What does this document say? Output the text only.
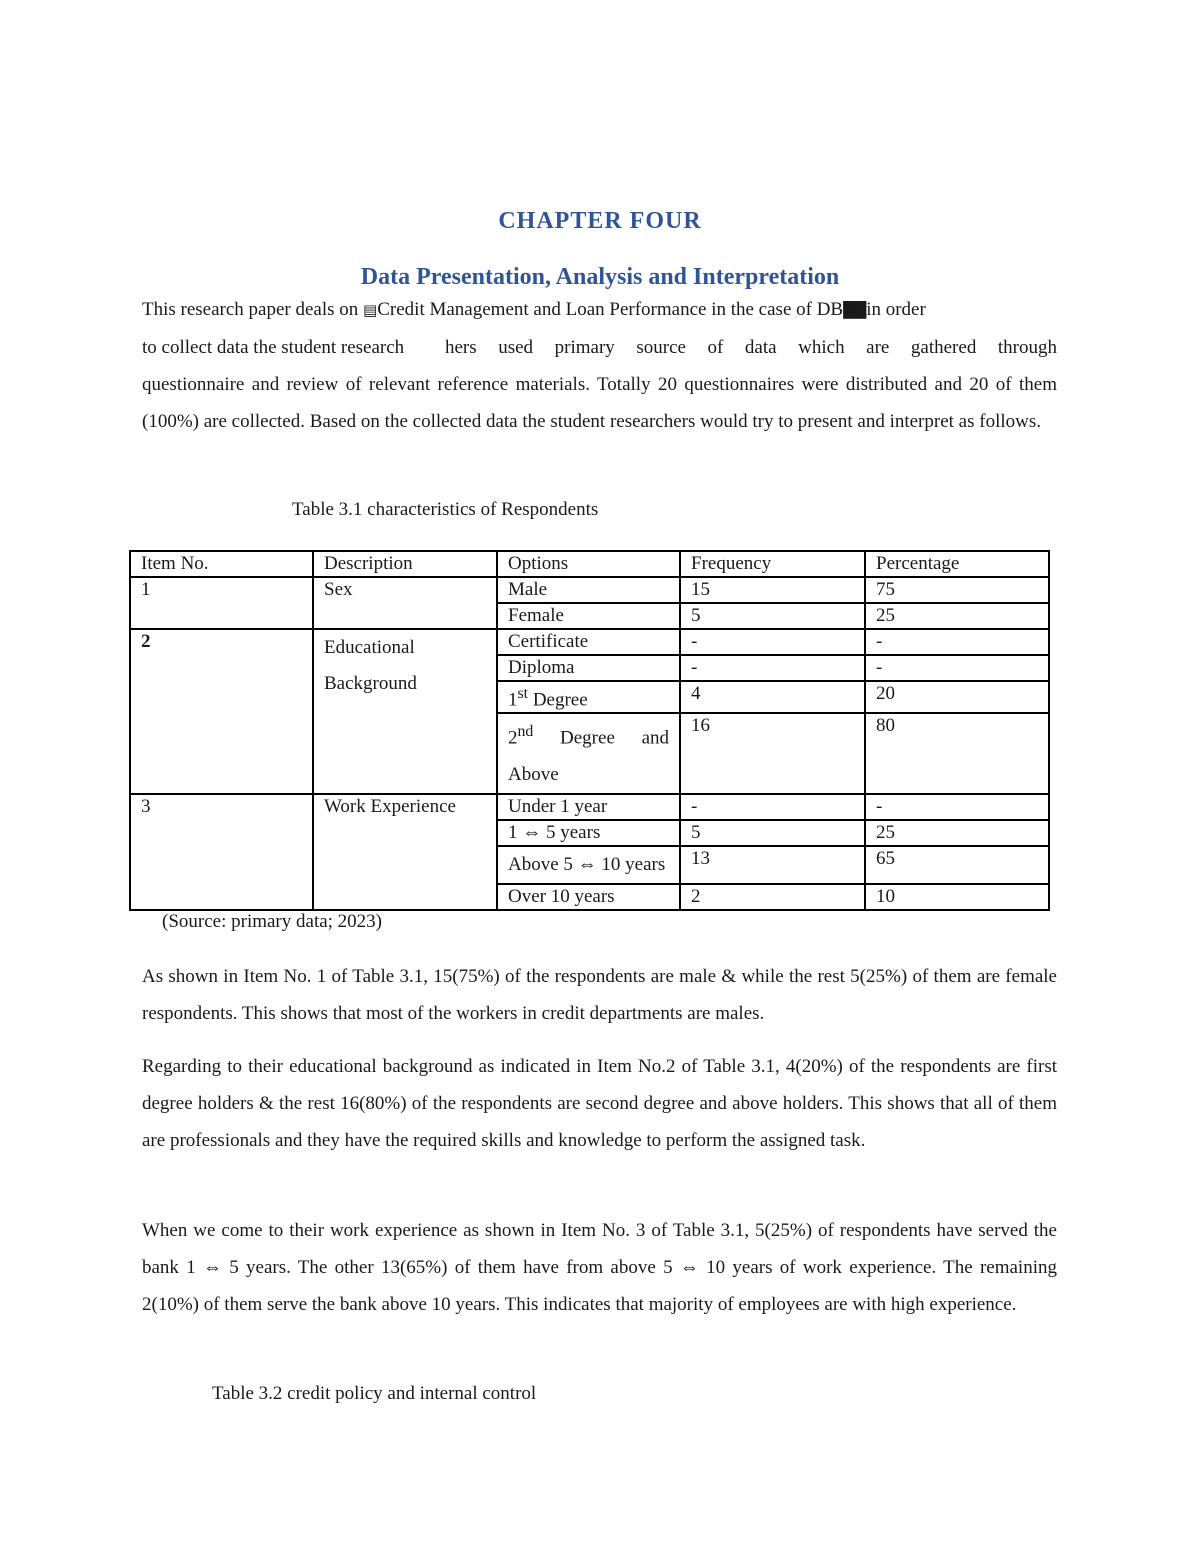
CHAPTER FOUR
Data Presentation, Analysis and Interpretation
This research paper deals on ▤Credit Management and Loan Performance in the case of DB██in order
to collect data the student research hers used primary source of data which are gathered through
questionnaire and review of relevant reference materials. Totally 20 questionnaires were distributed and 20 of them (100%) are collected. Based on the collected data the student researchers would try to present and interpret as follows.
Table 3.1 characteristics of Respondents
Item No.	Description	Options	Frequency	Percentage
1	Sex	Male	15	75
		Female	5	25
2	Educational Background	Certificate	-	-
		Diploma	-	-
		1st Degree	4	20
		2nd Degree and Above	16	80
3	Work Experience	Under 1 year	-	-
		1 ⇔ 5 years	5	25
		Above 5 ⇔ 10 years	13	65
		Over 10 years	2	10
(Source: primary data; 2023)

As shown in Item No. 1 of Table 3.1, 15(75%) of the respondents are male & while the rest 5(25%) of them are female respondents. This shows that most of the workers in credit departments are males.

Regarding to their educational background as indicated in Item No.2 of Table 3.1, 4(20%) of the respondents are first degree holders & the rest 16(80%) of the respondents are second degree and above holders. This shows that all of them are professionals and they have the required skills and knowledge to perform the assigned task.

When we come to their work experience as shown in Item No. 3 of Table 3.1, 5(25%) of respondents have served the bank 1 ⇔ 5 years. The other 13(65%) of them have from above 5 ⇔ 10 years of work experience. The remaining 2(10%) of them serve the bank above 10 years. This indicates that majority of employees are with high experience.

Table 3.2 credit policy and internal control
